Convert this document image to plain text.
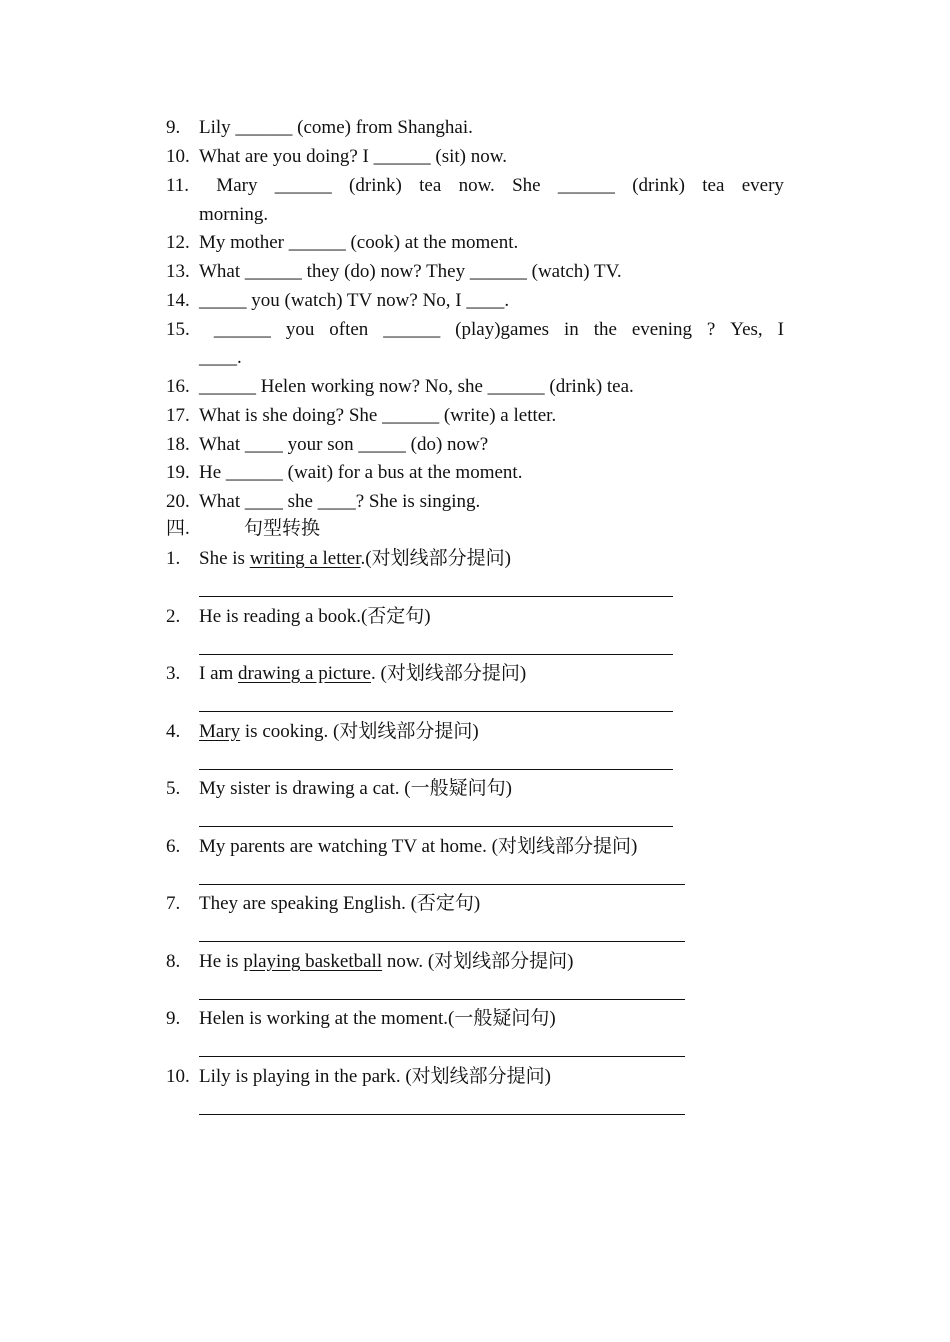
9. Lily ______ (come) from Shanghai.
10. What are you doing? I ______ (sit) now.
11.	Mary ______ (drink) tea now. She ______ (drink) tea every
morning.
12. My mother ______ (cook) at the moment.
13. What ______ they (do) now? They ______ (watch) TV.
14. _____ you (watch) TV now? No, I ____.
15.	______ you often ______ (play)games in the evening ? Yes, I
____.
16. ______ Helen working now? No, she ______ (drink) tea.
17. What is she doing? She ______ (write) a letter.
18. What ____ your son _____ (do) now?
19. He ______ (wait) for a bus at the moment.
20. What ____ she ____? She is singing.
四.	句型转换
1. She is writing a letter.(对划线部分提问)
2. He is reading a book.(否定句)
3. I am drawing a picture. (对划线部分提问)
4. Mary is cooking. (对划线部分提问)
5. My sister is drawing a cat. (一般疑问句)
6. My parents are watching TV at home. (对划线部分提问)
7. They are speaking English. (否定句)
8. He is playing basketball now. (对划线部分提问)
9. Helen is working at the moment.(一般疑问句)
10. Lily is playing in the park. (对划线部分提问)
